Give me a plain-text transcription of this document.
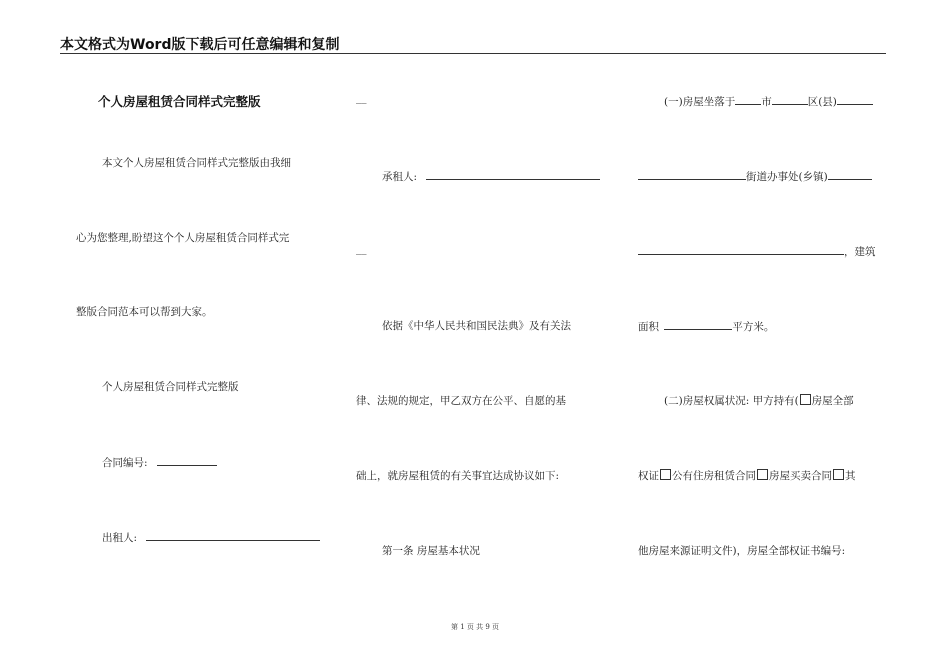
本文格式为Word版下载后可任意编辑和复制
个人房屋租赁合同样式完整版
本文个人房屋租赁合同样式完整版由我细
心为您整理,盼望这个个人房屋租赁合同样式完
整版合同范本可以帮到大家。
个人房屋租赁合同样式完整版
合同编号:
出租人:
__
承租人:
__
依据《中华人民共和国民法典》及有关法
律、法规的规定，甲乙双方在公平、自愿的基
础上，就房屋租赁的有关事宜达成协议如下:
第一条 房屋基本状况
(一)房屋坐落于 市	区(县)
街道办事处(乡镇)
，建筑
面积	平方米。
(二)房屋权属状况: 甲方持有( 房屋全部
权证 公有住房租赁合同 房屋买卖合同 其
他房屋来源证明文件)，房屋全部权证书编号:
第 1 页 共 9 页
